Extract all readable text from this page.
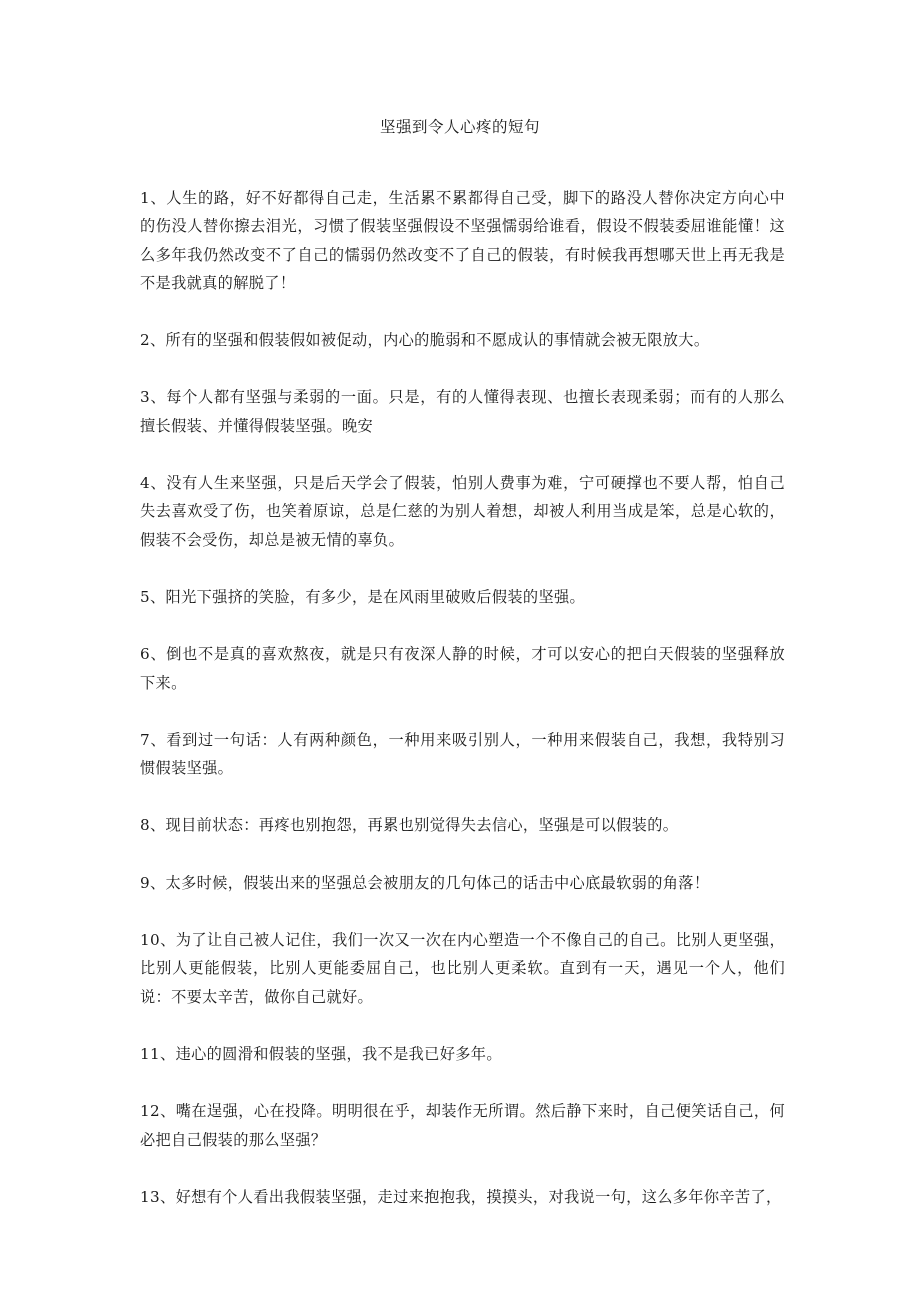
坚强到令人心疼的短句

1、人生的路，好不好都得自己走，生活累不累都得自己受，脚下的路没人替你决定方向心中的伤没人替你擦去泪光，习惯了假装坚强假设不坚强懦弱给谁看，假设不假装委屈谁能懂！这么多年我仍然改变不了自己的懦弱仍然改变不了自己的假装，有时候我再想哪天世上再无我是不是我就真的解脱了！

2、所有的坚强和假装假如被促动，内心的脆弱和不愿成认的事情就会被无限放大。

3、每个人都有坚强与柔弱的一面。只是，有的人懂得表现、也擅长表现柔弱；而有的人那么擅长假装、并懂得假装坚强。晚安

4、没有人生来坚强，只是后天学会了假装，怕别人费事为难，宁可硬撑也不要人帮，怕自己失去喜欢受了伤，也笑着原谅，总是仁慈的为别人着想，却被人利用当成是笨，总是心软的，假装不会受伤，却总是被无情的辜负。

5、阳光下强挤的笑脸，有多少，是在风雨里破败后假装的坚强。

6、倒也不是真的喜欢熬夜，就是只有夜深人静的时候，才可以安心的把白天假装的坚强释放下来。

7、看到过一句话：人有两种颜色，一种用来吸引别人，一种用来假装自己，我想，我特别习惯假装坚强。

8、现目前状态：再疼也别抱怨，再累也别觉得失去信心，坚强是可以假装的。

9、太多时候，假装出来的坚强总会被朋友的几句体己的话击中心底最软弱的角落！

10、为了让自己被人记住，我们一次又一次在内心塑造一个不像自己的自己。比别人更坚强，比别人更能假装，比别人更能委屈自己，也比别人更柔软。直到有一天，遇见一个人，他们说：不要太辛苦，做你自己就好。

11、违心的圆滑和假装的坚强，我不是我已好多年。

12、嘴在逞强，心在投降。明明很在乎，却装作无所谓。然后静下来时，自己便笑话自己，何必把自己假装的那么坚强？

13、好想有个人看出我假装坚强，走过来抱抱我，摸摸头，对我说一句，这么多年你辛苦了，
